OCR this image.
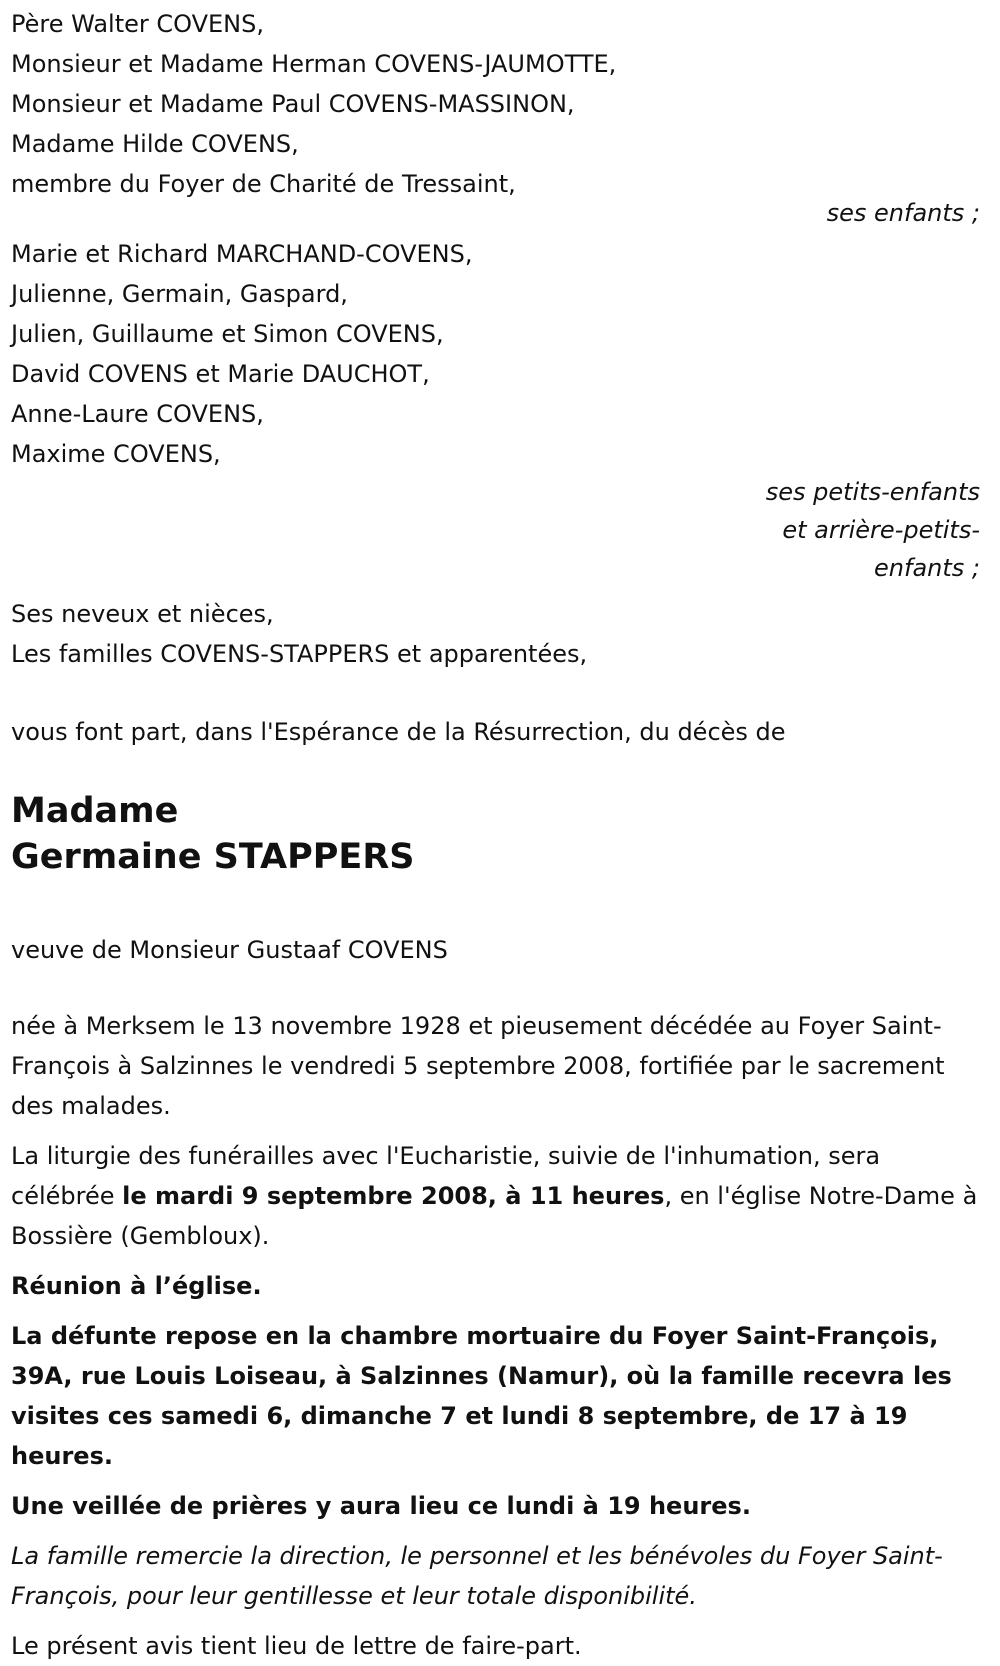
Père Walter COVENS,
Monsieur et Madame Herman COVENS-JAUMOTTE,
Monsieur et Madame Paul COVENS-MASSINON,
Madame Hilde COVENS,
membre du Foyer de Charité de Tressaint,
ses enfants ;
Marie et Richard MARCHAND-COVENS,
Julienne, Germain, Gaspard,
Julien, Guillaume et Simon COVENS,
David COVENS et Marie DAUCHOT,
Anne-Laure COVENS,
Maxime COVENS,
ses petits-enfants
et arrière-petits-
enfants ;
Ses neveux et nièces,
Les familles COVENS-STAPPERS et apparentées,

vous font part, dans l'Espérance de la Résurrection, du décès de

Madame
Germaine STAPPERS

veuve de Monsieur Gustaaf COVENS

née à Merksem le 13 novembre 1928 et pieusement décédée au Foyer Saint-François à Salzinnes le vendredi 5 septembre 2008, fortifiée par le sacrement des malades.

La liturgie des funérailles avec l'Eucharistie, suivie de l'inhumation, sera célébrée le mardi 9 septembre 2008, à 11 heures, en l'église Notre-Dame à Bossière (Gembloux).

Réunion à l’église.

La défunte repose en la chambre mortuaire du Foyer Saint-François, 39A, rue Louis Loiseau, à Salzinnes (Namur), où la famille recevra les visites ces samedi 6, dimanche 7 et lundi 8 septembre, de 17 à 19 heures.

Une veillée de prières y aura lieu ce lundi à 19 heures.

La famille remercie la direction, le personnel et les bénévoles du Foyer Saint-François, pour leur gentillesse et leur totale disponibilité.

Le présent avis tient lieu de lettre de faire-part.
